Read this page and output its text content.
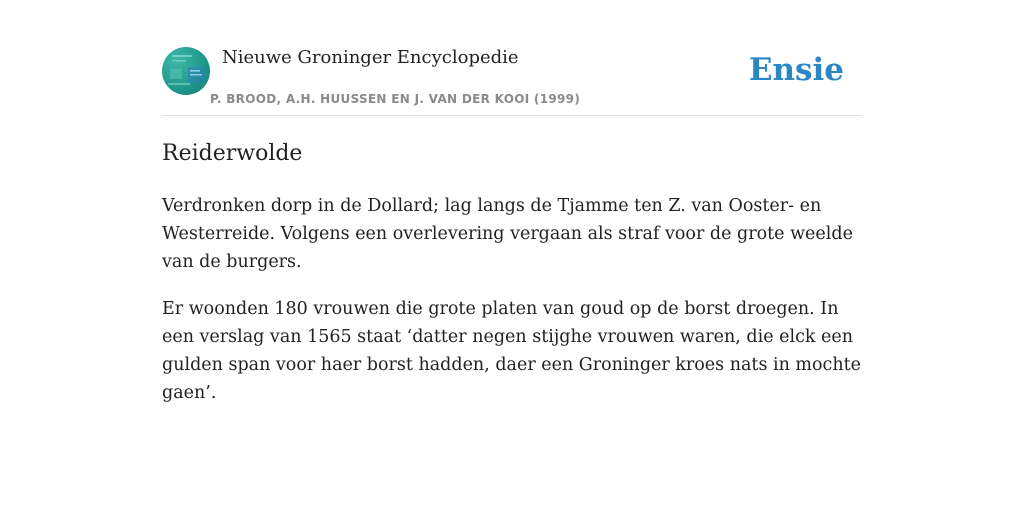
Nieuwe Groninger Encyclopedie
P. BROOD, A.H. HUUSSEN EN J. VAN DER KOOI (1999)
Ensie
Reiderwolde

Verdronken dorp in de Dollard; lag langs de Tjamme ten Z. van Ooster- en Westerreide. Volgens een overlevering vergaan als straf voor de grote weelde van de burgers.

Er woonden 180 vrouwen die grote platen van goud op de borst droegen. In een verslag van 1565 staat ‘datter negen stijghe vrouwen waren, die elck een gulden span voor haer borst hadden, daer een Groninger kroes nats in mochte gaen’.
